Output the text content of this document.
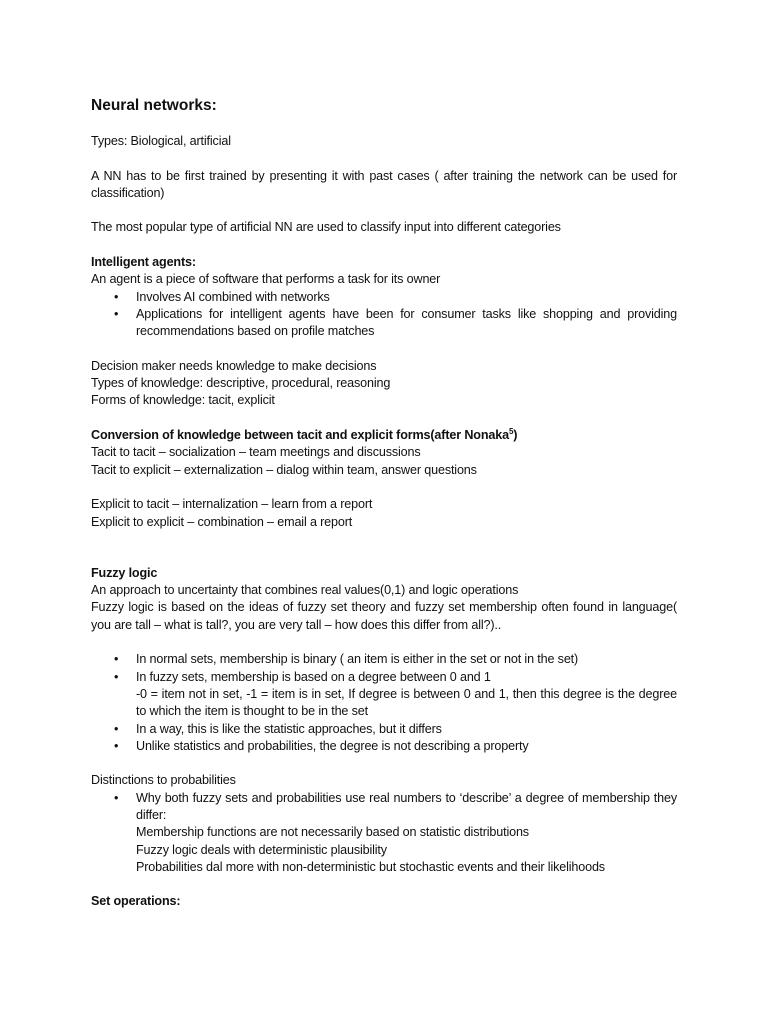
Neural networks:

Types: Biological, artificial

A NN has to be first trained by presenting it with past cases ( after training the network can be used for classification)

The most popular type of artificial NN are used to classify input into different categories

Intelligent agents:

An agent is a piece of software that performs a task for its owner

• Involves AI combined with networks
• Applications for intelligent agents have been for consumer tasks like shopping and providing recommendations based on profile matches

Decision maker needs knowledge to make decisions

Types of knowledge: descriptive, procedural, reasoning

Forms of knowledge: tacit, explicit

Conversion of knowledge between tacit and explicit forms(after Nonaka$^5$)

Tacit to tacit – socialization – team meetings and discussions

Tacit to explicit – externalization – dialog within team, answer questions

Explicit to tacit – internalization – learn from a report

Explicit to explicit – combination – email a report

Fuzzy logic

An approach to uncertainty that combines real values(0,1) and logic operations

Fuzzy logic is based on the ideas of fuzzy set theory and fuzzy set membership often found in language( you are tall – what is tall?, you are very tall – how does this differ from all?)..

• In normal sets, membership is binary ( an item is either in the set or not in the set)
• In fuzzy sets, membership is based on a degree between 0 and 1
-0 = item not in set, -1 = item is in set, If degree is between 0 and 1, then this degree is the degree to which the item is thought to be in the set
• In a way, this is like the statistic approaches, but it differs
• Unlike statistics and probabilities, the degree is not describing a property

Distinctions to probabilities

• Why both fuzzy sets and probabilities use real numbers to ‘describe’ a degree of membership they differ:
Membership functions are not necessarily based on statistic distributions
Fuzzy logic deals with deterministic plausibility
Probabilities dal more with non-deterministic but stochastic events and their likelihoods

Set operations:
